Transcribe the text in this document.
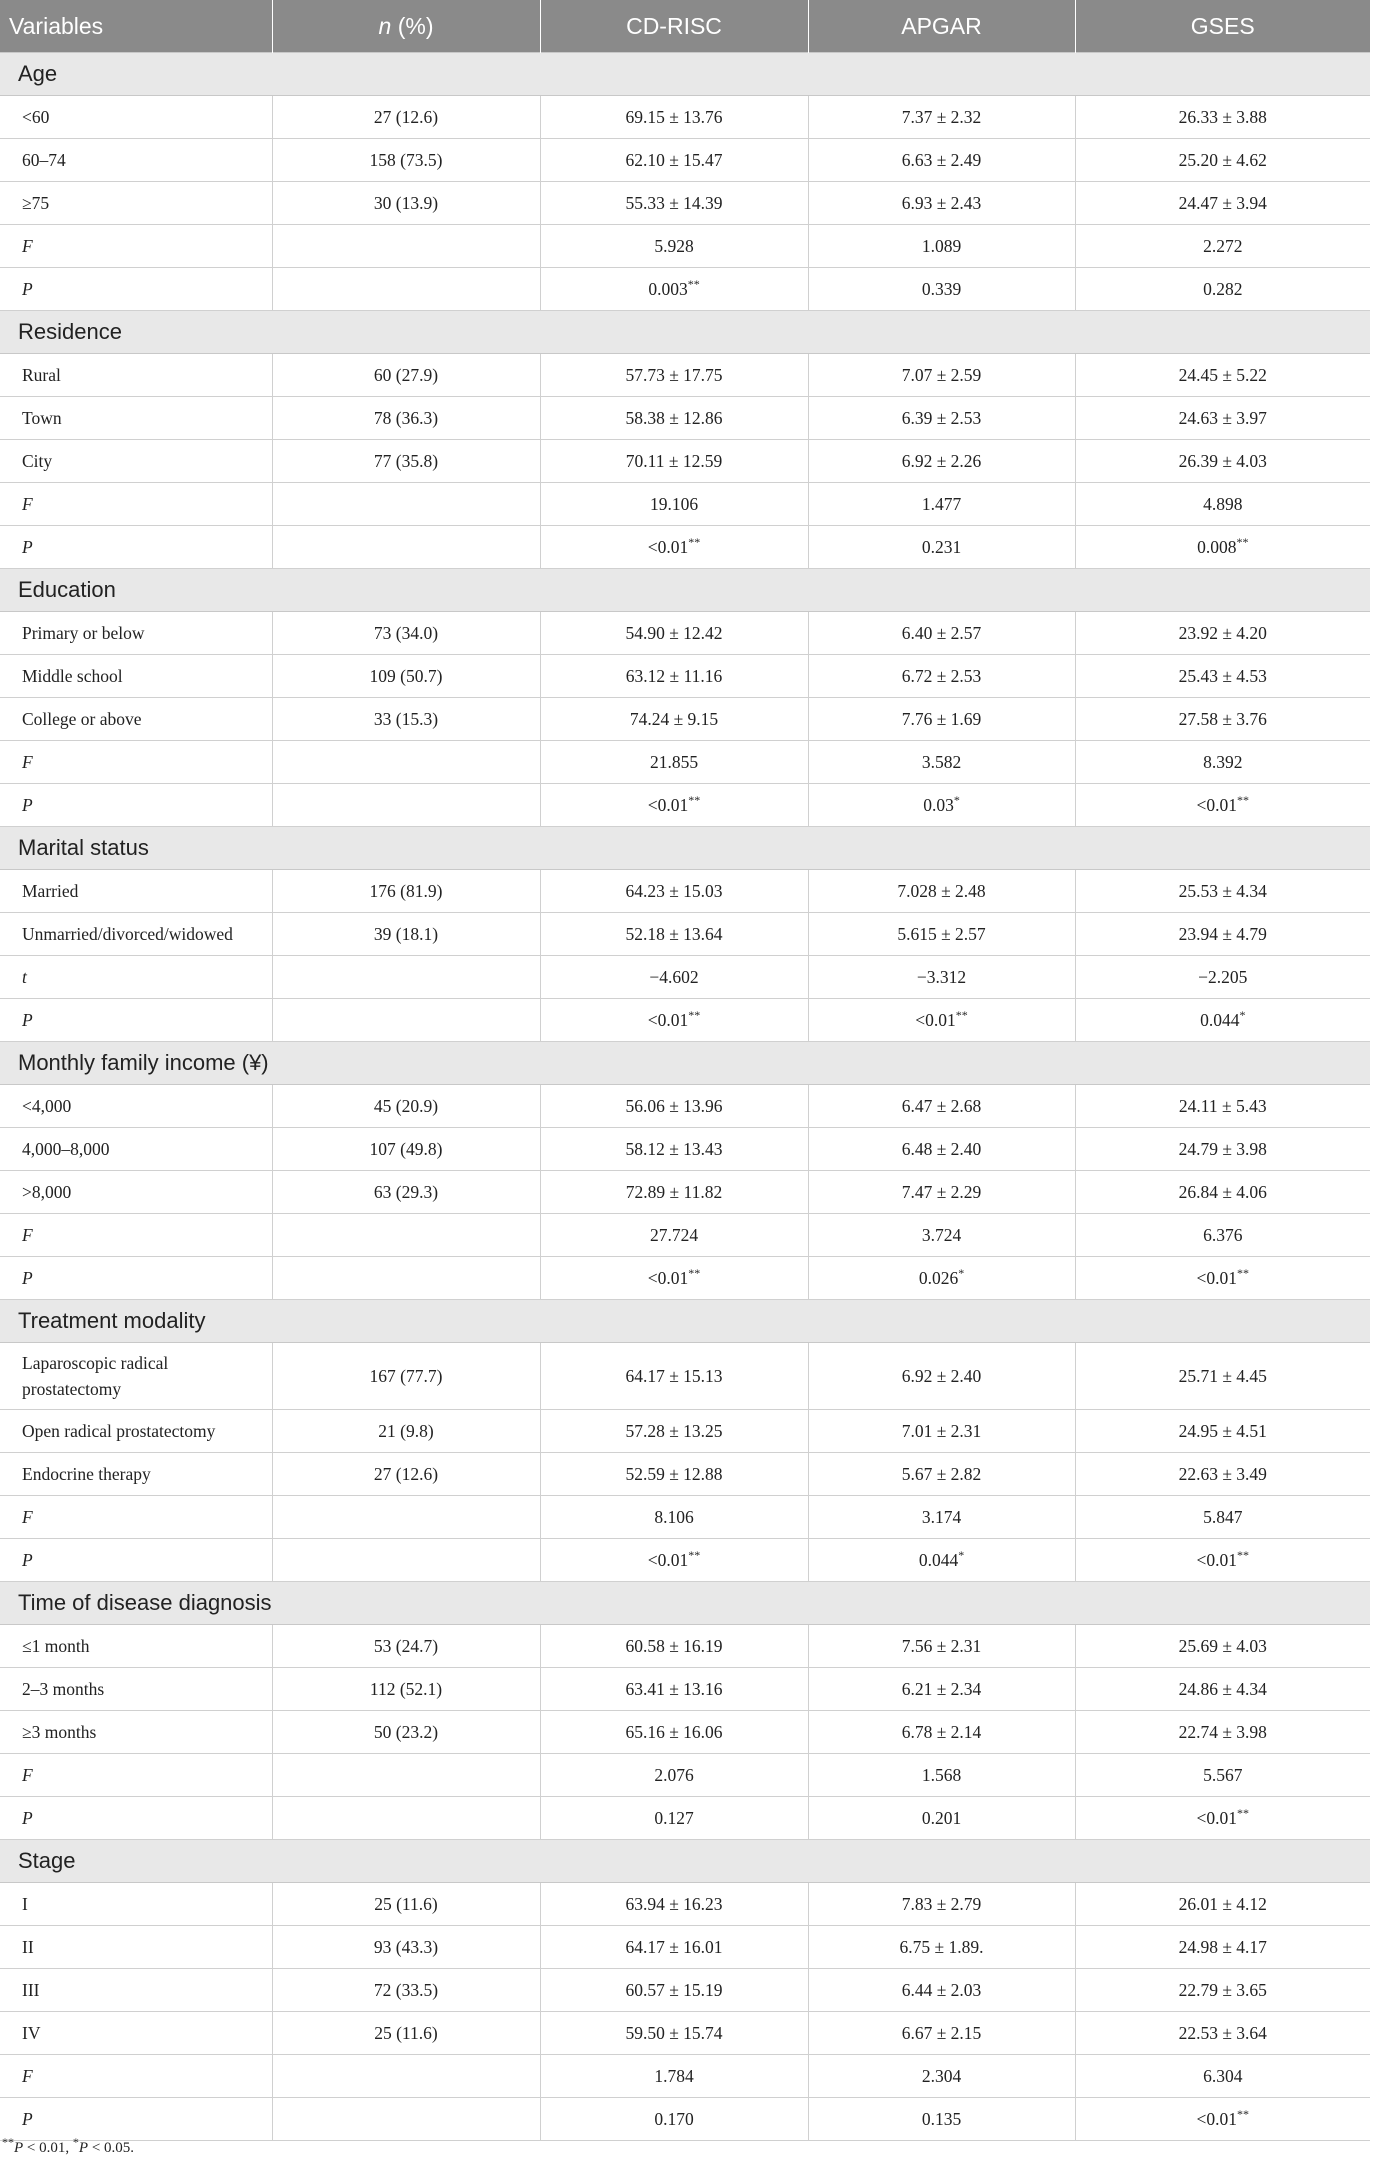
Variables	n (%)	CD-RISC	APGAR	GSES
Age				
<60	27 (12.6)	69.15 ± 13.76	7.37 ± 2.32	26.33 ± 3.88
60–74	158 (73.5)	62.10 ± 15.47	6.63 ± 2.49	25.20 ± 4.62
≥75	30 (13.9)	55.33 ± 14.39	6.93 ± 2.43	24.47 ± 3.94
F		5.928	1.089	2.272
P		0.003**	0.339	0.282
Residence				
Rural	60 (27.9)	57.73 ± 17.75	7.07 ± 2.59	24.45 ± 5.22
Town	78 (36.3)	58.38 ± 12.86	6.39 ± 2.53	24.63 ± 3.97
City	77 (35.8)	70.11 ± 12.59	6.92 ± 2.26	26.39 ± 4.03
F		19.106	1.477	4.898
P		<0.01**	0.231	0.008**
Education				
Primary or below	73 (34.0)	54.90 ± 12.42	6.40 ± 2.57	23.92 ± 4.20
Middle school	109 (50.7)	63.12 ± 11.16	6.72 ± 2.53	25.43 ± 4.53
College or above	33 (15.3)	74.24 ± 9.15	7.76 ± 1.69	27.58 ± 3.76
F		21.855	3.582	8.392
P		<0.01**	0.03*	<0.01**
Marital status				
Married	176 (81.9)	64.23 ± 15.03	7.028 ± 2.48	25.53 ± 4.34
Unmarried/divorced/widowed	39 (18.1)	52.18 ± 13.64	5.615 ± 2.57	23.94 ± 4.79
t		−4.602	−3.312	−2.205
P		<0.01**	<0.01**	0.044*
Monthly family income (¥)				
<4,000	45 (20.9)	56.06 ± 13.96	6.47 ± 2.68	24.11 ± 5.43
4,000–8,000	107 (49.8)	58.12 ± 13.43	6.48 ± 2.40	24.79 ± 3.98
>8,000	63 (29.3)	72.89 ± 11.82	7.47 ± 2.29	26.84 ± 4.06
F		27.724	3.724	6.376
P		<0.01**	0.026*	<0.01**
Treatment modality				
Laparoscopic radical prostatectomy	167 (77.7)	64.17 ± 15.13	6.92 ± 2.40	25.71 ± 4.45
Open radical prostatectomy	21 (9.8)	57.28 ± 13.25	7.01 ± 2.31	24.95 ± 4.51
Endocrine therapy	27 (12.6)	52.59 ± 12.88	5.67 ± 2.82	22.63 ± 3.49
F		8.106	3.174	5.847
P		<0.01**	0.044*	<0.01**
Time of disease diagnosis				
≤1 month	53 (24.7)	60.58 ± 16.19	7.56 ± 2.31	25.69 ± 4.03
2–3 months	112 (52.1)	63.41 ± 13.16	6.21 ± 2.34	24.86 ± 4.34
≥3 months	50 (23.2)	65.16 ± 16.06	6.78 ± 2.14	22.74 ± 3.98
F		2.076	1.568	5.567
P		0.127	0.201	<0.01**
Stage				
I	25 (11.6)	63.94 ± 16.23	7.83 ± 2.79	26.01 ± 4.12
II	93 (43.3)	64.17 ± 16.01	6.75 ± 1.89.	24.98 ± 4.17
III	72 (33.5)	60.57 ± 15.19	6.44 ± 2.03	22.79 ± 3.65
IV	25 (11.6)	59.50 ± 15.74	6.67 ± 2.15	22.53 ± 3.64
F		1.784	2.304	6.304
P		0.170	0.135	<0.01**
**P < 0.01, *P < 0.05.
